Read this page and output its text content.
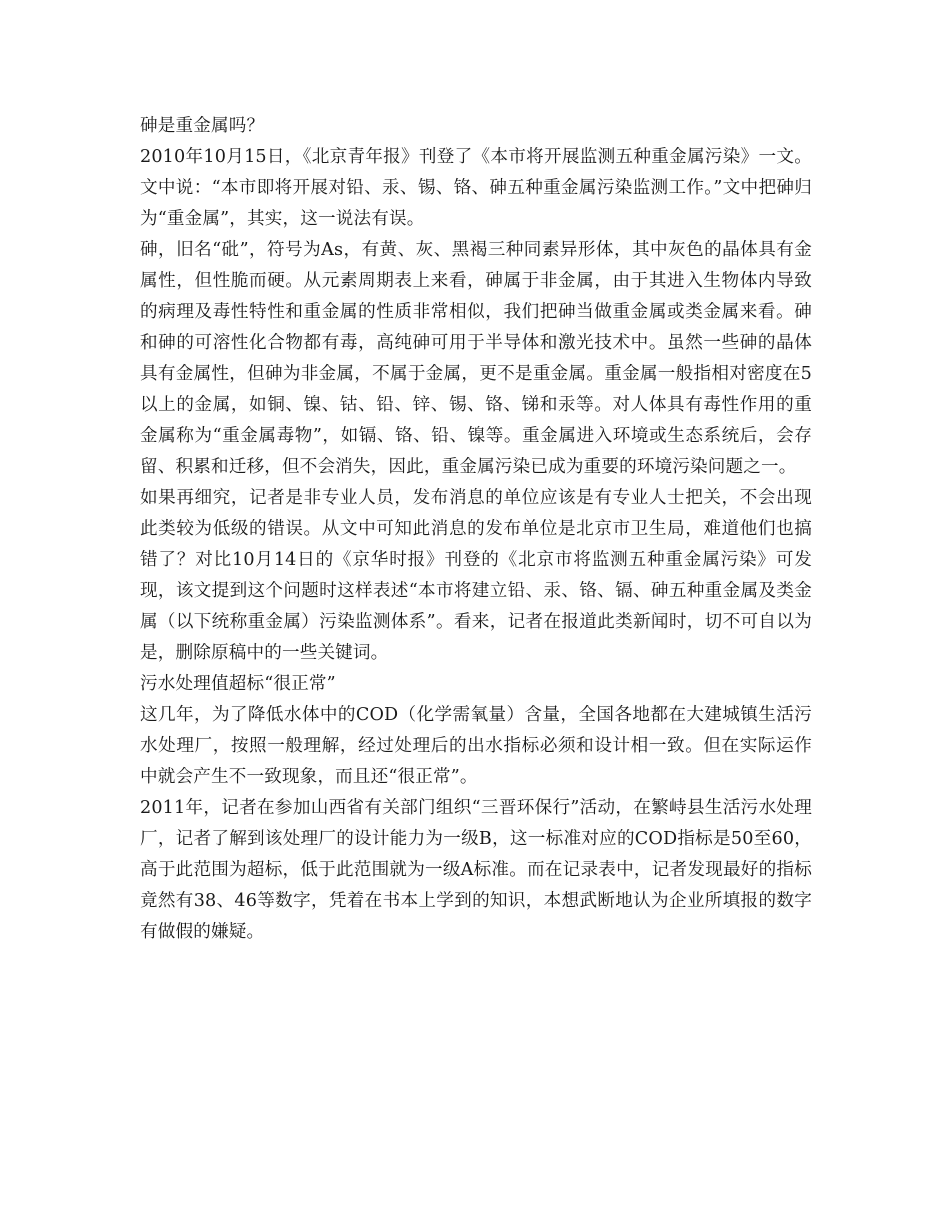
砷是重金属吗？

2010年10月15日，《北京青年报》刊登了《本市将开展监测五种重金属污染》一文。文中说：“本市即将开展对铅、汞、锡、铬、砷五种重金属污染监测工作。”文中把砷归为“重金属”，其实，这一说法有误。

砷，旧名“砒”，符号为As，有黄、灰、黑褐三种同素异形体，其中灰色的晶体具有金属性，但性脆而硬。从元素周期表上来看，砷属于非金属，由于其进入生物体内导致的病理及毒性特性和重金属的性质非常相似，我们把砷当做重金属或类金属来看。砷和砷的可溶性化合物都有毒，高纯砷可用于半导体和激光技术中。虽然一些砷的晶体具有金属性，但砷为非金属，不属于金属，更不是重金属。重金属一般指相对密度在5以上的金属，如铜、镍、钴、铅、锌、锡、铬、锑和汞等。对人体具有毒性作用的重金属称为“重金属毒物”，如镉、铬、铅、镍等。重金属进入环境或生态系统后，会存留、积累和迁移，但不会消失，因此，重金属污染已成为重要的环境污染问题之一。

如果再细究，记者是非专业人员，发布消息的单位应该是有专业人士把关，不会出现此类较为低级的错误。从文中可知此消息的发布单位是北京市卫生局，难道他们也搞错了？对比10月14日的《京华时报》刊登的《北京市将监测五种重金属污染》可发现，该文提到这个问题时这样表述“本市将建立铅、汞、铬、镉、砷五种重金属及类金属（以下统称重金属）污染监测体系”。看来，记者在报道此类新闻时，切不可自以为是，删除原稿中的一些关键词。

污水处理值超标“很正常”

这几年，为了降低水体中的COD（化学需氧量）含量，全国各地都在大建城镇生活污水处理厂，按照一般理解，经过处理后的出水指标必须和设计相一致。但在实际运作中就会产生不一致现象，而且还“很正常”。

2011年，记者在参加山西省有关部门组织“三晋环保行”活动，在繁峙县生活污水处理厂，记者了解到该处理厂的设计能力为一级B，这一标准对应的COD指标是50至60，高于此范围为超标，低于此范围就为一级A标准。而在记录表中，记者发现最好的指标竟然有38、46等数字，凭着在书本上学到的知识，本想武断地认为企业所填报的数字有做假的嫌疑。
